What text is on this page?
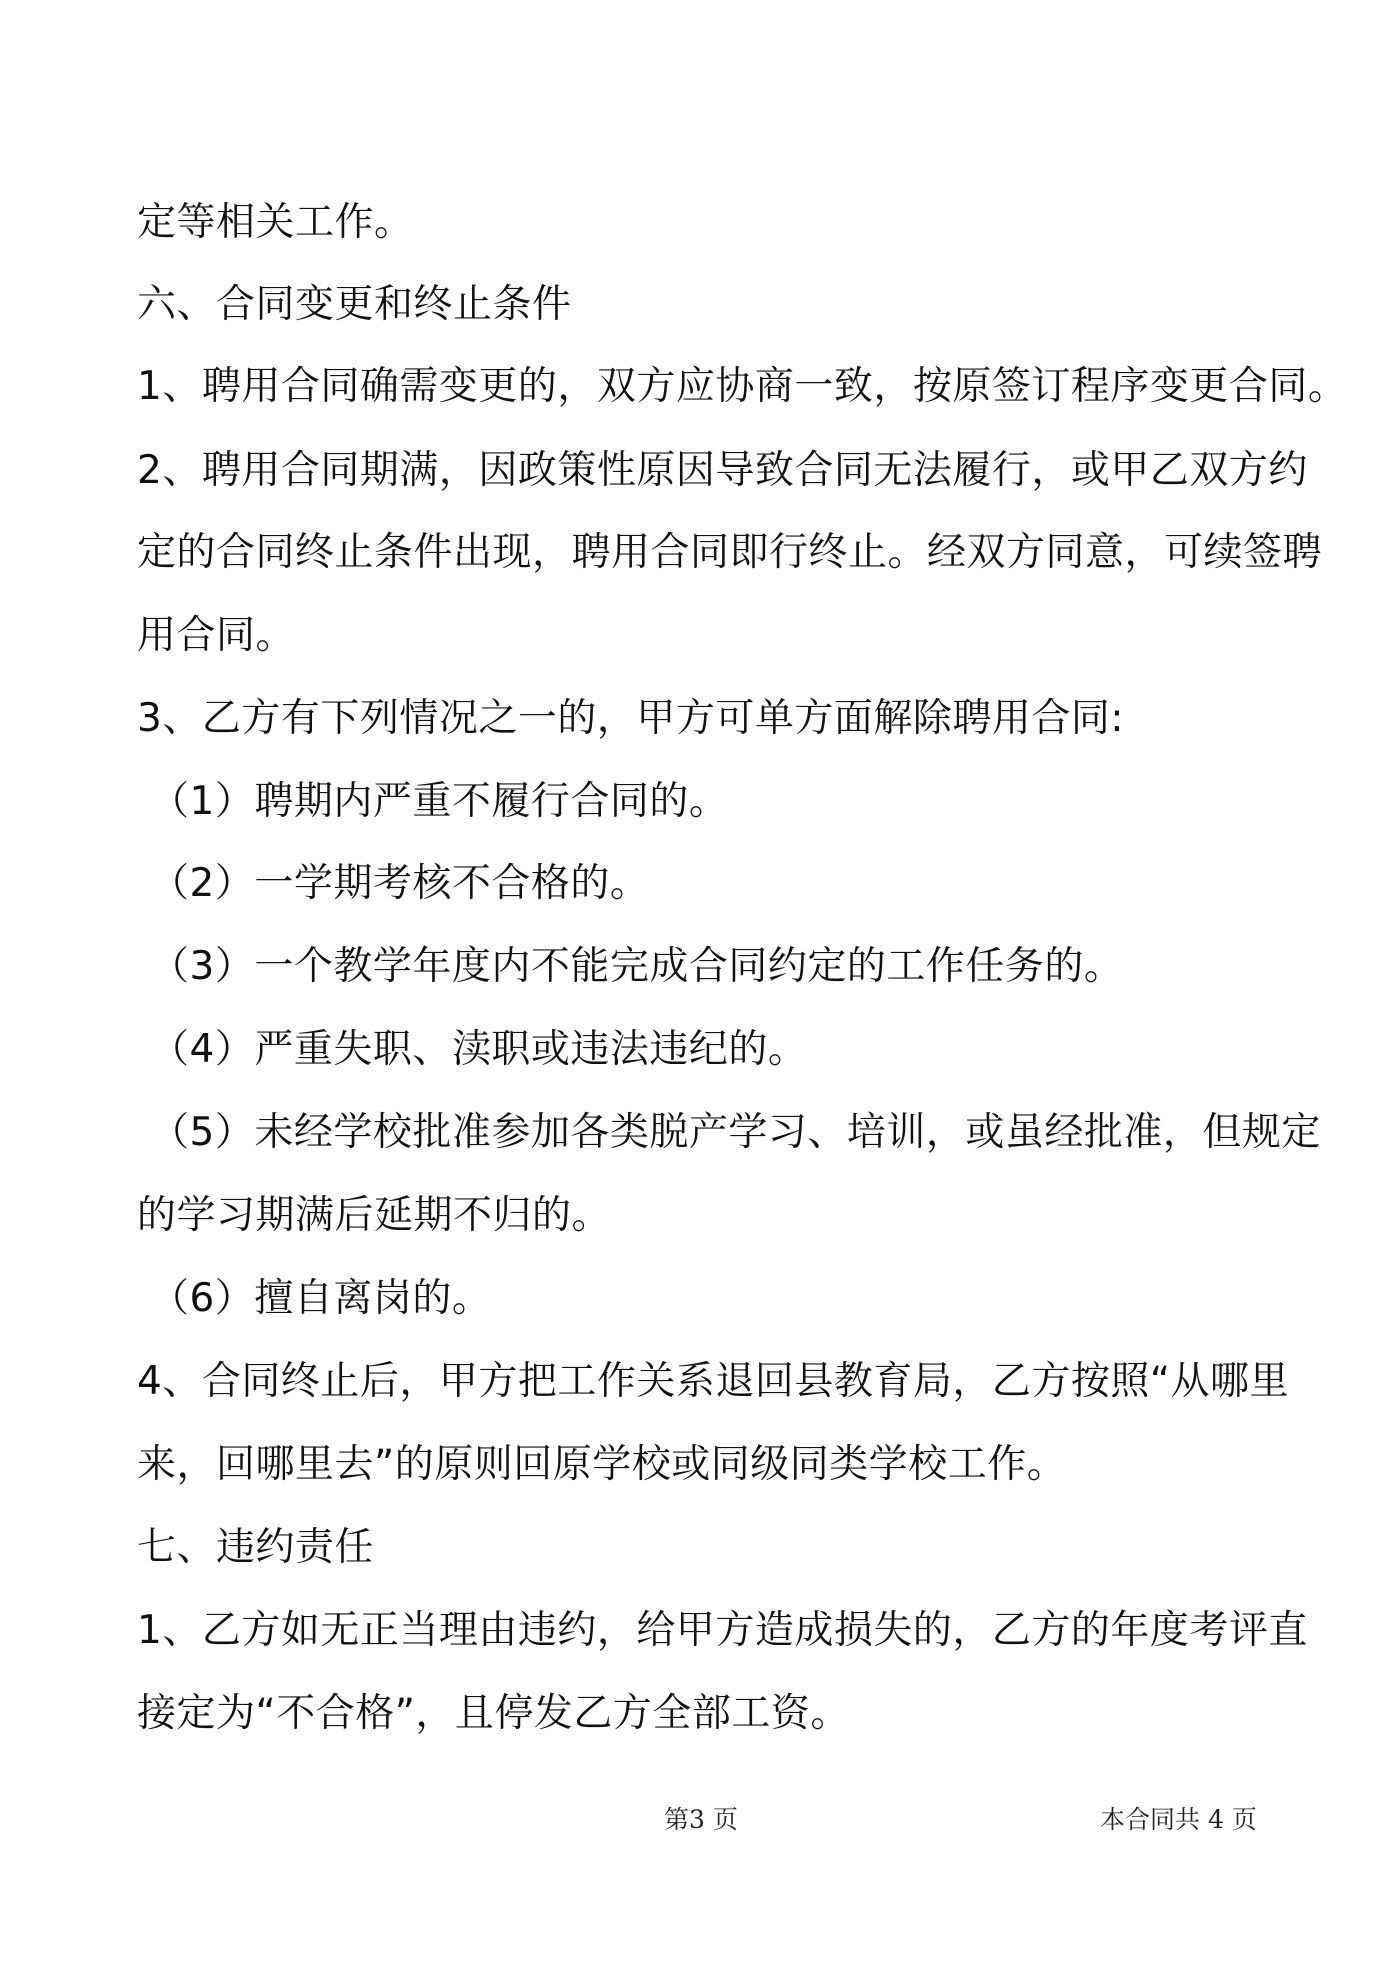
定等相关工作。
六、合同变更和终止条件
1、聘用合同确需变更的，双方应协商一致，按原签订程序变更合同。
2、聘用合同期满，因政策性原因导致合同无法履行，或甲乙双方约
定的合同终止条件出现，聘用合同即行终止。经双方同意，可续签聘
用合同。
3、乙方有下列情况之一的，甲方可单方面解除聘用合同:
（1）聘期内严重不履行合同的。
（2）一学期考核不合格的。
（3）一个教学年度内不能完成合同约定的工作任务的。
（4）严重失职、渎职或违法违纪的。
（5）未经学校批准参加各类脱产学习、培训，或虽经批准，但规定
的学习期满后延期不归的。
（6）擅自离岗的。
4、合同终止后，甲方把工作关系退回县教育局，乙方按照“从哪里
来，回哪里去”的原则回原学校或同级同类学校工作。
七、违约责任
1、乙方如无正当理由违约，给甲方造成损失的，乙方的年度考评直
接定为“不合格”，且停发乙方全部工资。
第3 页	本合同共 4 页
